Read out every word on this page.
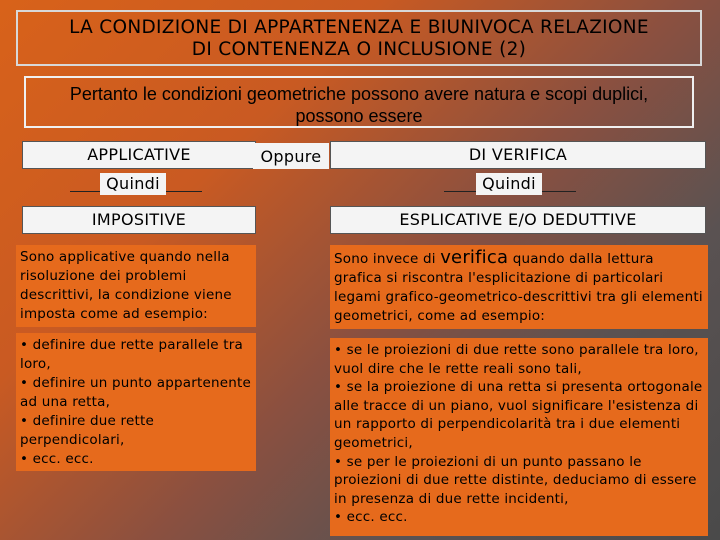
LA CONDIZIONE DI APPARTENENZA E BIUNIVOCA RELAZIONE
DI CONTENENZA O INCLUSIONE (2)
Pertanto le condizioni geometriche possono avere natura e scopi duplici,
possono essere
APPLICATIVE	Oppure	DI VERIFICA
Quindi	Quindi
IMPOSITIVE	ESPLICATIVE E/O DEDUTTIVE
Sono applicative quando nella risoluzione dei problemi descrittivi, la condizione viene imposta come ad esempio:
Sono invece di verifica quando dalla lettura grafica si riscontra l'esplicitazione di particolari legami grafico-geometrico-descrittivi tra gli elementi geometrici, come ad esempio:
• definire due rette parallele tra loro,
• definire un punto appartenente ad una retta,
• definire due rette perpendicolari,
• ecc. ecc.
• se le proiezioni di due rette sono parallele tra loro, vuol dire che le rette reali sono tali,
• se la proiezione di una retta si presenta ortogonale alle tracce di un piano, vuol significare l'esistenza di un rapporto di perpendicolarità tra i due elementi geometrici,
• se per le proiezioni di un punto passano le proiezioni di due rette distinte, deduciamo di essere in presenza di due rette incidenti,
• ecc. ecc.
